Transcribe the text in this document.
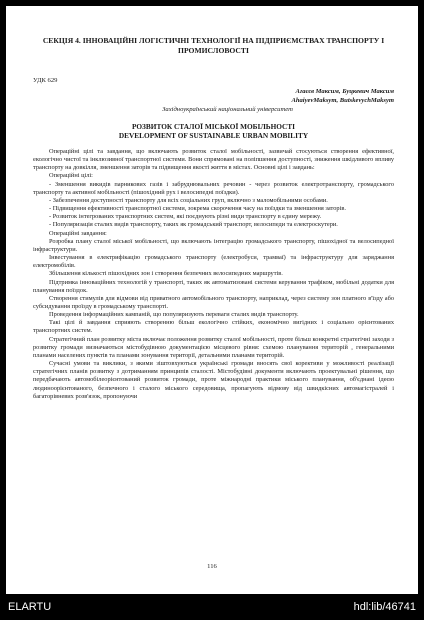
СЕКЦІЯ 4. ІННОВАЦІЙНІ ЛОГІСТИЧНІ ТЕХНОЛОГІЇ НА ПІДПРИЄМСТВАХ ТРАНСПОРТУ І ПРОМИСЛОВОСТІ
УДК 629
Агаєєв Максим, Буцкевич Максим
AhaiyevMaksym, ButskevychMaksym
Західноукраїнський національний університет
РОЗВИТОК СТАЛОЇ МІСЬКОЇ МОБІЛЬНОСТІ
DEVELOPMENT OF SUSTAINABLE URBAN MOBILITY

Операційні цілі та завдання, що включають розвиток сталої мобільності, зазвичай стосуються створення ефективної, екологічно чистої та інклюзивної транспортної системи. Вони спрямовані на поліпшення доступності, зниження шкідливого впливу транспорту на довкілля, зменшення заторів та підвищення якості життя в містах. Основні цілі і завдань:

Операційні цілі:

- Зменшення викидів парникових газів і забруднювальних речовин - через розвиток електротранспорту, громадського транспорту та активної мобільності (пішохідний рух і велосипедні поїздки).

- Забезпечення доступності транспорту для всіх соціальних груп, включно з маломобільними особами.

- Підвищення ефективності транспортної системи, зокрема скорочення часу на поїздки та зменшення заторів.

- Розвиток інтегрованих транспортних систем, які поєднують різні види транспорту в єдину мережу.

- Популяризація сталих видів транспорту, таких як громадський транспорт, велосипеди та електроскутери.

Операційні завдання:

Розробка плану сталої міської мобільності, що включають інтеграцію громадського транспорту, пішохідної та велосипедної інфраструктури.

Інвестування в електрифікацію громадського транспорту (електробуси, трамваї) та інфраструктуру для заряджання електромобілів.

Збільшення кількості пішохідних зон і створення безпечних велосипедних маршрутів.

Підтримка інноваційних технологій у транспорті, таких як автоматизовані системи керування трафіком, мобільні додатки для планування поїздок.

Створення стимулів для відмови від приватного автомобільного транспорту, наприклад, через систему зон платного в'їзду або субсидування проїзду в громадському транспорті.

Проведення інформаційних кампаній, що популяризують переваги сталих видів транспорту.

Такі цілі й завдання сприяють створенню більш екологічно стійких, економічно вигідних і соціально орієнтованих транспортних систем.

Стратегічний план розвитку міста включає положення розвитку сталої мобільності, проте більш конкретні стратегічні заходи з розвитку громади визначаються містобудівною документацією місцевого рівня: схемою планування територій , генеральними планами населених пунктів та планами зонування території, детальними планами територій.

Сучасні умови та виклики, з якими зіштовхуються українські громади вносять свої корективи у можливості реалізації стратегічних планів розвитку з дотриманням принципів сталості. Містобудівні документи включають проектувальні рішення, що передбачають автомобілеорієнтований розвиток громади, проте міжнародні практики міського планування, об'єднані ідеєю людиноорієнтованого, безпечного і сталого міського середовища, пропагують відмову від швидкісних автомагістралей і багаторівневих розв'язок, пропонуючи

116
ELARTU	hdl:lib/46741
